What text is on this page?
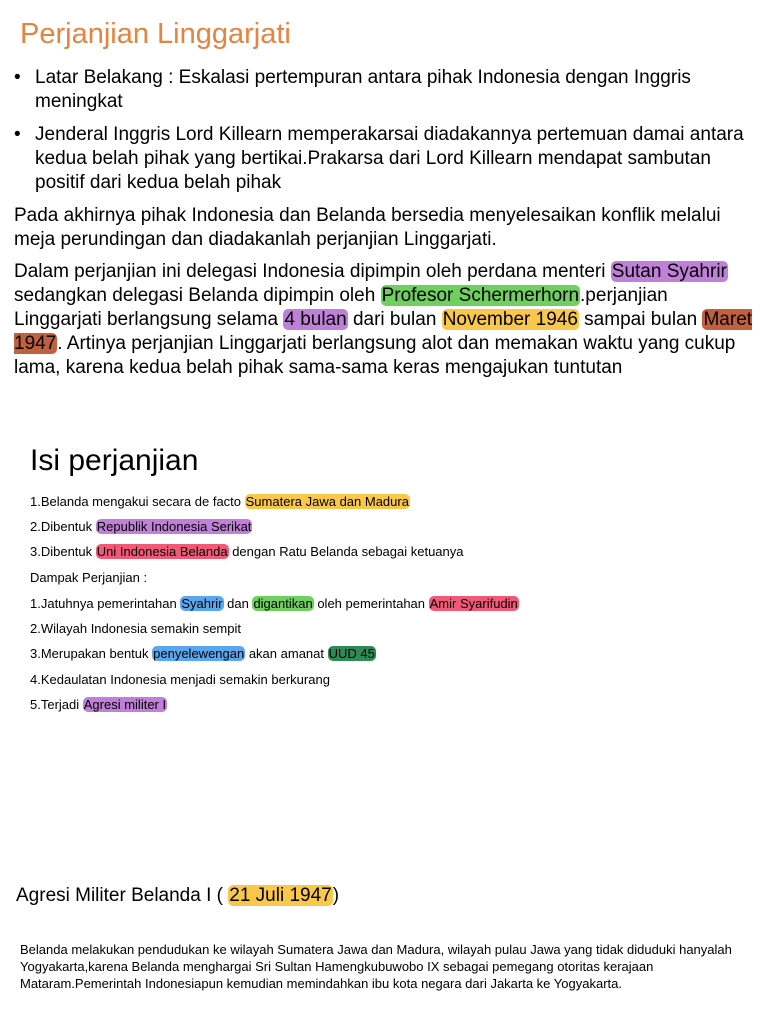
Perjanjian Linggarjati
• Latar Belakang : Eskalasi pertempuran antara pihak Indonesia dengan Inggris meningkat
• Jenderal Inggris Lord Killearn memperakarsai diadakannya pertemuan damai antara kedua belah pihak yang bertikai.Prakarsa dari Lord Killearn mendapat sambutan positif dari kedua belah pihak
Pada akhirnya pihak Indonesia dan Belanda bersedia menyelesaikan konflik melalui meja perundingan dan diadakanlah perjanjian Linggarjati.
Dalam perjanjian ini delegasi Indonesia dipimpin oleh perdana menteri Sutan Syahrir sedangkan delegasi Belanda dipimpin oleh Profesor Schermerhorn.perjanjian Linggarjati berlangsung selama 4 bulan dari bulan November 1946 sampai bulan Maret 1947. Artinya perjanjian Linggarjati berlangsung alot dan memakan waktu yang cukup lama, karena kedua belah pihak sama-sama keras mengajukan tuntutan
Isi perjanjian
1.Belanda mengakui secara de facto Sumatera Jawa dan Madura
2.Dibentuk Republik Indonesia Serikat
3.Dibentuk Uni Indonesia Belanda dengan Ratu Belanda sebagai ketuanya
Dampak Perjanjian :
1.Jatuhnya pemerintahan Syahrir dan digantikan oleh pemerintahan Amir Syarifudin
2.Wilayah Indonesia semakin sempit
3.Merupakan bentuk penyelewengan akan amanat UUD 45
4.Kedaulatan Indonesia menjadi semakin berkurang
5.Terjadi Agresi militer I
Agresi Militer Belanda I ( 21 Juli 1947)
Belanda melakukan pendudukan ke wilayah Sumatera Jawa dan Madura, wilayah pulau Jawa yang tidak diduduki hanyalah Yogyakarta,karena Belanda menghargai Sri Sultan Hamengkubuwobo IX sebagai pemegang otoritas kerajaan Mataram.Pemerintah Indonesiapun kemudian memindahkan ibu kota negara dari Jakarta ke Yogyakarta.
